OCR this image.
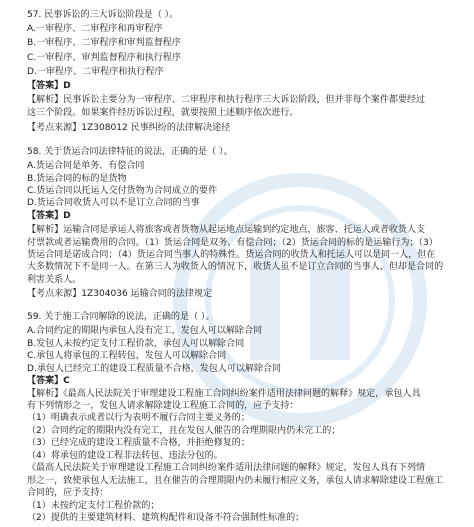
57. 民事诉讼的三大诉讼阶段是（ ）。
A.一审程序、二审程序和再审程序
B.一审程序、二审程序和审判监督程序
C.一审程序、审判监督程序和执行程序
D.一审程序、二审程序和执行程序
【答案】D
【解析】民事诉讼主要分为一审程序、二审程序和执行程序三大诉讼阶段，但并非每个案件都要经过
这三个阶段。如果案件经历诉讼过程，就要按照上述顺序依次进行。
【考点来源】1Z308012 民事纠纷的法律解决途径
58. 关于货运合同法律特征的说法，正确的是（ ）。
A.货运合同是单务、有偿合同
B.货运合同的标的是货物
C.货运合同以托运人交付货物为合同成立的要件
D.货运合同收货人可以不是订立合同的当事
【答案】D
【解析】运输合同是承运人将旅客或者货物从起运地点运输到约定地点，旅客、托运人或者收货人支
付票款或者运输费用的合同。（1）货运合同是双务、有偿合同；（2）货运合同的标的是运输行为；（3）
货运合同是诺成合同；（4）货运合同当事人的特殊性。货运合同的收货人和托运人可以是同一人，但在
大多数情况下不是同一人。在第三人为收货人的情况下，收货人虽不是订立合同的当事人，但却是合同的
利害关系人。
【考点来源】1Z304036 运输合同的法律规定
59. 关于施工合同解除的说法，正确的是（ ）。
A.合同约定的期限内承包人没有完工，发包人可以解除合同
B.发包人未按约定支付工程价款，承包人可以解除合同
C.承包人将承包的工程转包，发包人可以解除合同
D.承包人已经完工的建设工程质量不合格，发包人可以解除合同
【答案】C
【解析】《最高人民法院关于审理建设工程施工合同纠纷案件适用法律问题的解释》规定，承包人具
有下列情形之一，发包人请求解除建设工程施工合同的，应予支持：
（1）明确表示或者以行为表明不履行合同主要义务的；
（2）合同约定的期限内没有完工，且在发包人催告的合理期限内仍未完工的；
（3）已经完成的建设工程质量不合格，并拒绝修复的；
（4）将承包的建设工程非法转包、违法分包的。
《最高人民法院关于审理建设工程施工合同纠纷案件适用法律问题的解释》规定，发包人具有下列情
形之一，致使承包人无法施工，且在催告的合理期限内仍未履行相应义务，承包人请求解除建设工程施工
合同的，应予支持：
（1）未按约定支付工程价款的；
（2）提供的主要建筑材料、建筑构配件和设备不符合强制性标准的；
